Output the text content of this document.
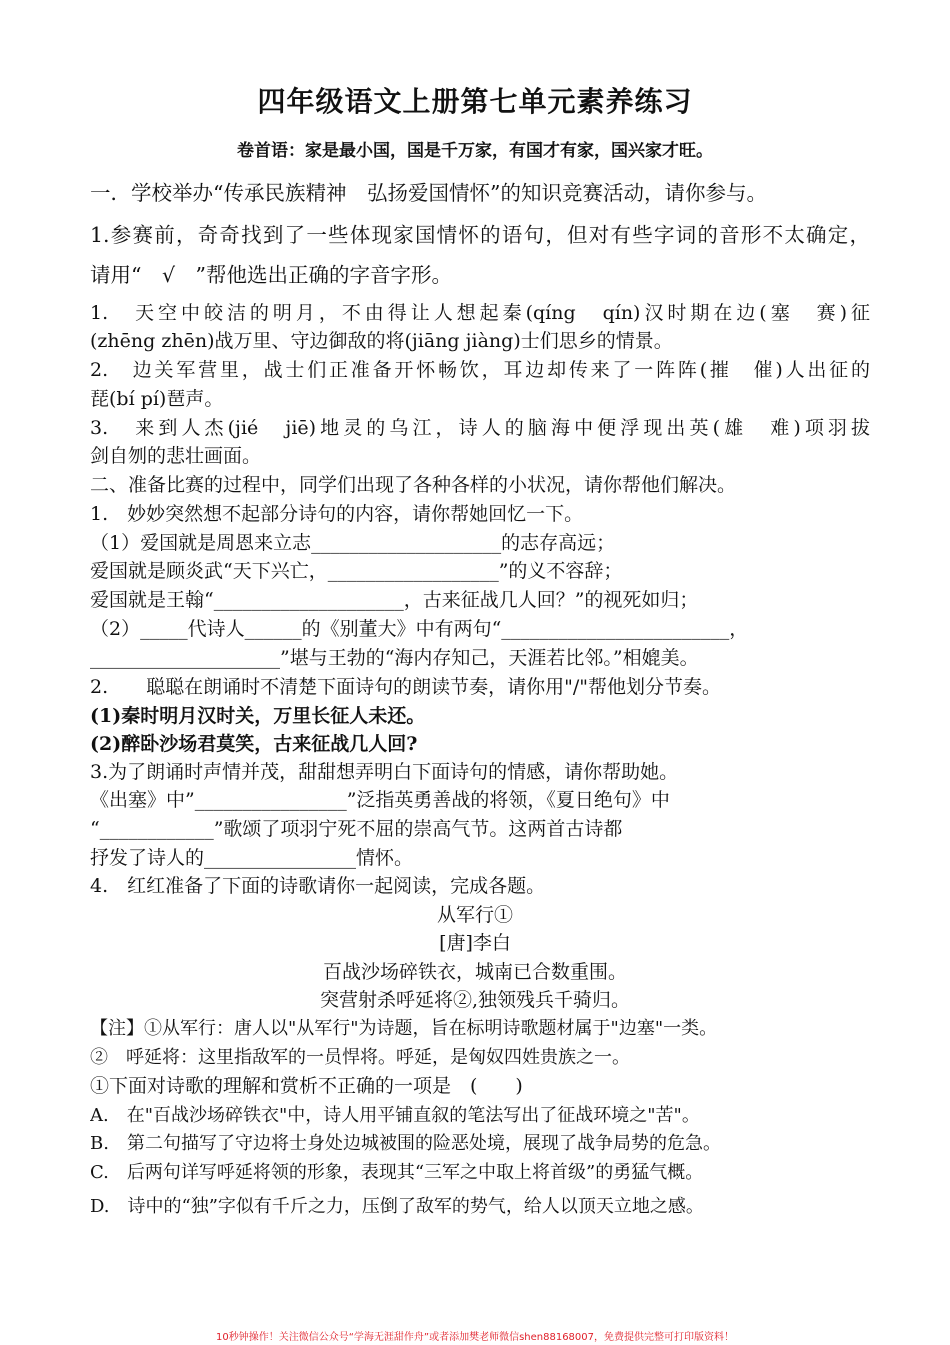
四年级语文上册第七单元素养练习
卷首语：家是最小国，国是千万家，有国才有家，国兴家才旺。
一．学校举办“传承民族精神　弘扬爱国情怀”的知识竞赛活动，请你参与。
1.参赛前，奇奇找到了一些体现家国情怀的语句，但对有些字词的音形不太确定，
请用“　√　”帮他选出正确的字音字形。
1.　天空中皎洁的明月，不由得让人想起秦(qíng　qín)汉时期在边(塞　赛)征
(zhēng zhēn)战万里、守边御敌的将(jiāng jiàng)士们思乡的情景。
2.　边关军营里，战士们正准备开怀畅饮，耳边却传来了一阵阵(摧　催)人出征的
琵(bí pí)琶声。
3.　来到人杰(jié　jiē)地灵的乌江，诗人的脑海中便浮现出英(雄　难)项羽拔
剑自刎的悲壮画面。
二、准备比赛的过程中，同学们出现了各种各样的小状况，请你帮他们解决。
1.　妙妙突然想不起部分诗句的内容，请你帮她回忆一下。
（1）爱国就是周恩来立志____________________的志存高远；
爱国就是顾炎武“天下兴亡，__________________”的义不容辞；
爱国就是王翰“____________________，古来征战几人回？”的视死如归；
（2）_____代诗人______的《别董大》中有两句“________________________，
____________________”堪与王勃的“海内存知己，天涯若比邻。”相媲美。
2.　　聪聪在朗诵时不清楚下面诗句的朗读节奏，请你用"/"帮他划分节奏。
(1)秦时明月汉时关，万里长征人未还。
(2)醉卧沙场君莫笑，古来征战几人回?
3.为了朗诵时声情并茂，甜甜想弄明白下面诗句的情感，请你帮助她。
《出塞》中”________________”泛指英勇善战的将领，《夏日绝句》中
“____________”歌颂了项羽宁死不屈的崇高气节。这两首古诗都
抒发了诗人的________________情怀。
4.　红红准备了下面的诗歌请你一起阅读，完成各题。
从军行①
[唐]李白
百战沙场碎铁衣，城南已合数重围。
突营射杀呼延将②,独领残兵千骑归。
【注】①从军行：唐人以"从军行"为诗题，旨在标明诗歌题材属于"边塞"一类。
②　呼延将：这里指敌军的一员悍将。呼延，是匈奴四姓贵族之一。
①下面对诗歌的理解和赏析不正确的一项是　(　　)
A.　在"百战沙场碎铁衣"中，诗人用平铺直叙的笔法写出了征战环境之"苦"。
B.　第二句描写了守边将士身处边城被围的险恶处境，展现了战争局势的危急。
C.　后两句详写呼延将领的形象，表现其“三军之中取上将首级”的勇猛气概。
D.　诗中的“独”字似有千斤之力，压倒了敌军的势气，给人以顶天立地之感。
10秒钟操作！关注微信公众号“学海无涯甜作舟”或者添加樊老师微信shen88168007，免费提供完整可打印版资料！
